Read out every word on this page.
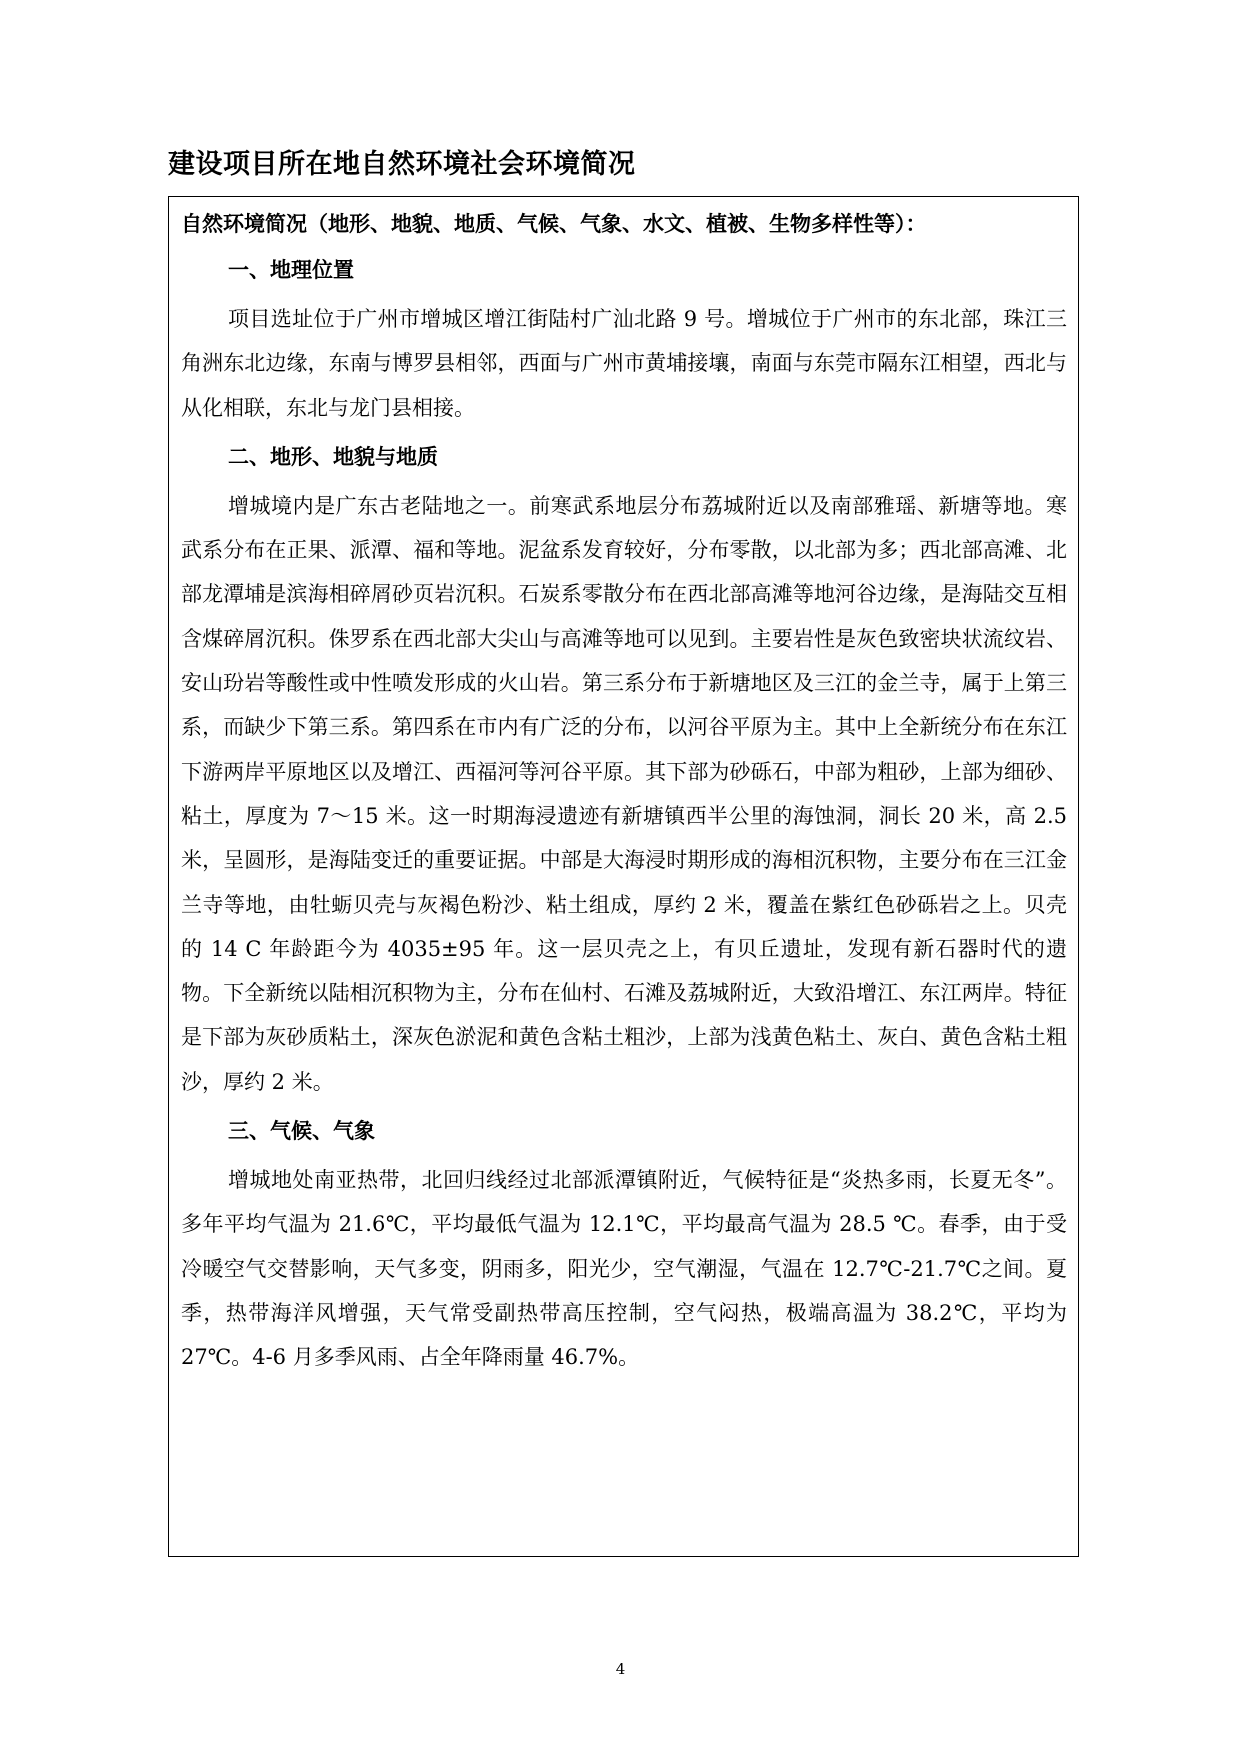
建设项目所在地自然环境社会环境简况
自然环境简况（地形、地貌、地质、气候、气象、水文、植被、生物多样性等）：
一、地理位置

项目选址位于广州市增城区增江街陆村广汕北路 9 号。增城位于广州市的东北部，珠江三角洲东北边缘，东南与博罗县相邻，西面与广州市黄埔接壤，南面与东莞市隔东江相望，西北与从化相联，东北与龙门县相接。

二、地形、地貌与地质

增城境内是广东古老陆地之一。前寒武系地层分布荔城附近以及南部雅瑶、新塘等地。寒武系分布在正果、派潭、福和等地。泥盆系发育较好，分布零散，以北部为多；西北部高滩、北部龙潭埔是滨海相碎屑砂页岩沉积。石炭系零散分布在西北部高滩等地河谷边缘，是海陆交互相含煤碎屑沉积。侏罗系在西北部大尖山与高滩等地可以见到。主要岩性是灰色致密块状流纹岩、安山玢岩等酸性或中性喷发形成的火山岩。第三系分布于新塘地区及三江的金兰寺，属于上第三系，而缺少下第三系。第四系在市内有广泛的分布，以河谷平原为主。其中上全新统分布在东江下游两岸平原地区以及增江、西福河等河谷平原。其下部为砂砾石，中部为粗砂，上部为细砂、粘土，厚度为 7～15 米。这一时期海浸遗迹有新塘镇西半公里的海蚀洞，洞长 20 米，高 2.5 米，呈圆形，是海陆变迁的重要证据。中部是大海浸时期形成的海相沉积物，主要分布在三江金兰寺等地，由牡蛎贝壳与灰褐色粉沙、粘土组成，厚约 2 米，覆盖在紫红色砂砾岩之上。贝壳的 14 C 年龄距今为 4035±95 年。这一层贝壳之上，有贝丘遗址，发现有新石器时代的遗物。下全新统以陆相沉积物为主，分布在仙村、石滩及荔城附近，大致沿增江、东江两岸。特征是下部为灰砂质粘土，深灰色淤泥和黄色含粘土粗沙，上部为浅黄色粘土、灰白、黄色含粘土粗沙，厚约 2 米。

三、气候、气象

增城地处南亚热带，北回归线经过北部派潭镇附近，气候特征是“炎热多雨，长夏无冬”。多年平均气温为 21.6℃，平均最低气温为 12.1℃，平均最高气温为 28.5 ℃。春季，由于受冷暖空气交替影响，天气多变，阴雨多，阳光少，空气潮湿，气温在 12.7℃-21.7℃之间。夏季，热带海洋风增强，天气常受副热带高压控制，空气闷热，极端高温为 38.2℃，平均为 27℃。4-6 月多季风雨、占全年降雨量 46.7%。

4
